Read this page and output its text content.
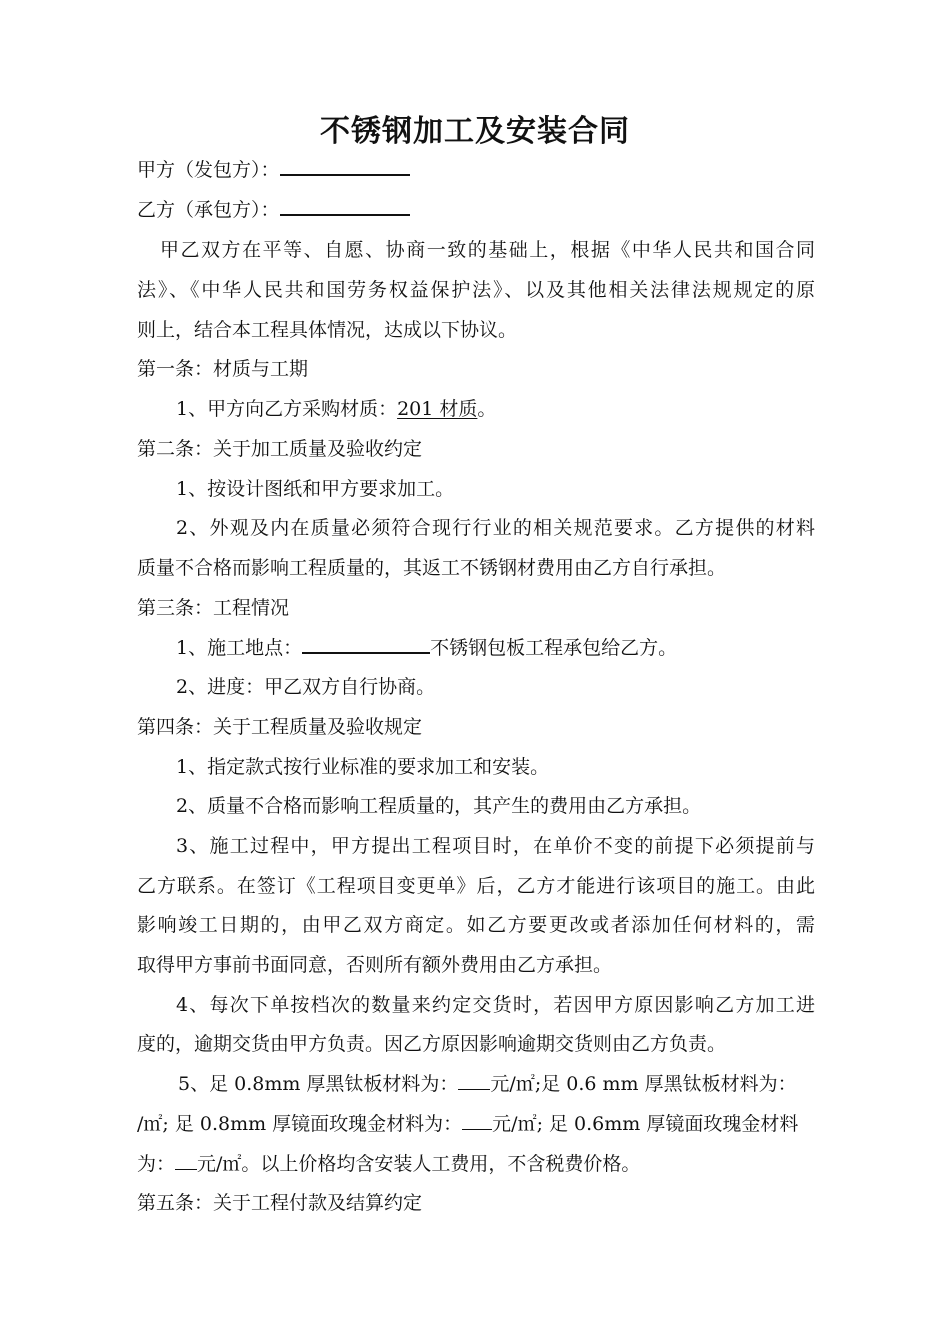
不锈钢加工及安装合同
甲方（发包方）：
乙方（承包方）：
甲乙双方在平等、自愿、协商一致的基础上，根据《中华人民共和国合同
法》、《中华人民共和国劳务权益保护法》、以及其他相关法律法规规定的原
则上，结合本工程具体情况，达成以下协议。
第一条：材质与工期
1、甲方向乙方采购材质：201 材质。
第二条：关于加工质量及验收约定
1、按设计图纸和甲方要求加工。
2、外观及内在质量必须符合现行行业的相关规范要求。乙方提供的材料
质量不合格而影响工程质量的，其返工不锈钢材费用由乙方自行承担。
第三条：工程情况
1、施工地点：	不锈钢包板工程承包给乙方。
2、进度：甲乙双方自行协商。
第四条：关于工程质量及验收规定
1、指定款式按行业标准的要求加工和安装。
2、质量不合格而影响工程质量的，其产生的费用由乙方承担。
3、施工过程中，甲方提出工程项目时，在单价不变的前提下必须提前与
乙方联系。在签订《工程项目变更单》后，乙方才能进行该项目的施工。由此
影响竣工日期的，由甲乙双方商定。如乙方要更改或者添加任何材料的，需
取得甲方事前书面同意，否则所有额外费用由乙方承担。
4、每次下单按档次的数量来约定交货时，若因甲方原因影响乙方加工进
度的，逾期交货由甲方负责。因乙方原因影响逾期交货则由乙方负责。
5、足 0.8mm 厚黑钛板材料为： 元/㎡;足 0.6 mm 厚黑钛板材料为：
/㎡; 足 0.8mm 厚镜面玫瑰金材料为： 元/㎡; 足 0.6mm 厚镜面玫瑰金材料
为： 元/㎡。以上价格均含安装人工费用，不含税费价格。
第五条：关于工程付款及结算约定
